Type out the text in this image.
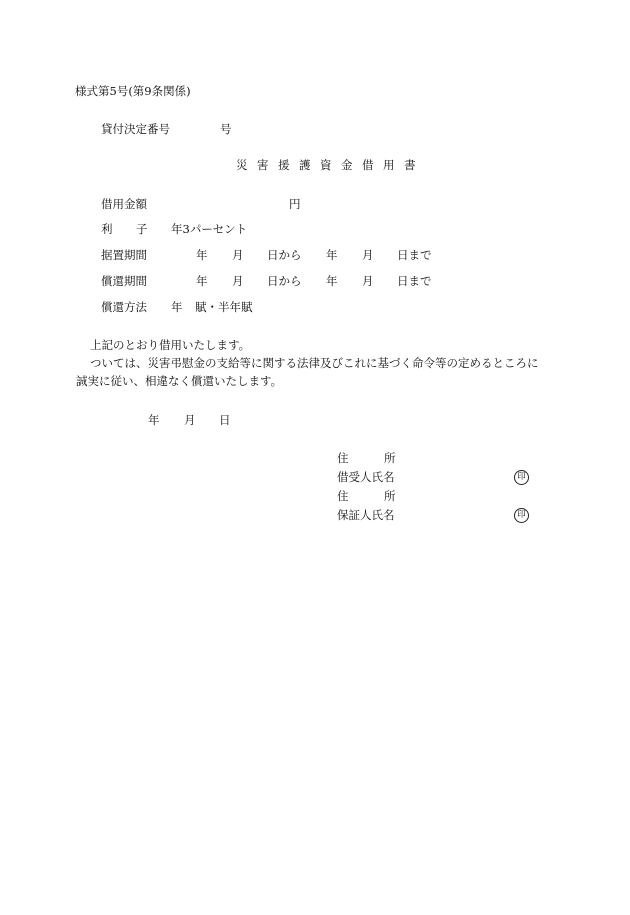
様式第5号(第9条関係)
貸付決定番号	号
災 害 援 護 資 金 借 用 書
借用金額	円
利 子 年3パーセント
据置期間	年 月 日から 年 月 日まで
償還期間	年 月 日から 年 月 日まで
償還方法 年 賦・半年賦
上記のとおり借用いたします。
ついては、災害弔慰金の支給等に関する法律及びこれに基づく命令等の定めるところに
誠実に従い、相違なく償還いたします。
年 月 日
住	所
借受人氏名	印
住	所
保証人氏名	印
